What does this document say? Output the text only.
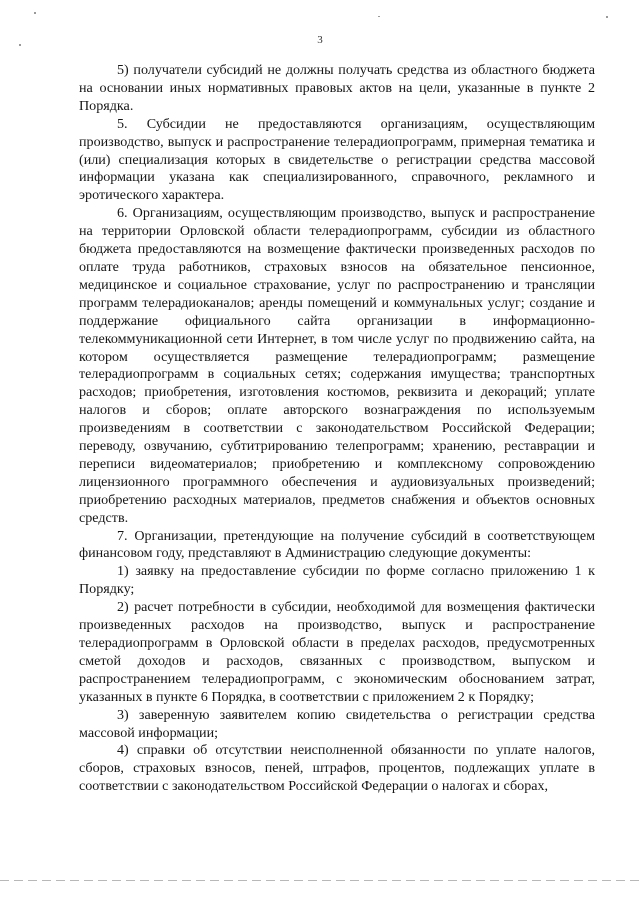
3

5) получатели субсидий не должны получать средства из областного бюджета на основании иных нормативных правовых актов на цели, указанные в пункте 2 Порядка.

5. Субсидии не предоставляются организациям, осуществляющим производство, выпуск и распространение телерадиопрограмм, примерная тематика и (или) специализация которых в свидетельстве о регистрации средства массовой информации указана как специализированного, справочного, рекламного и эротического характера.

6. Организациям, осуществляющим производство, выпуск и распространение на территории Орловской области телерадиопрограмм, субсидии из областного бюджета предоставляются на возмещение фактически произведенных расходов по оплате труда работников, страховых взносов на обязательное пенсионное, медицинское и социальное страхование, услуг по распространению и трансляции программ телерадиоканалов; аренды помещений и коммунальных услуг; создание и поддержание официального сайта организации в информационно-телекоммуникационной сети Интернет, в том числе услуг по продвижению сайта, на котором осуществляется размещение телерадиопрограмм; размещение телерадиопрограмм в социальных сетях; содержания имущества; транспортных расходов; приобретения, изготовления костюмов, реквизита и декораций; уплате налогов и сборов; оплате авторского вознаграждения по используемым произведениям в соответствии с законодательством Российской Федерации; переводу, озвучанию, субтитрированию телепрограмм; хранению, реставрации и перепиcи видеоматериалов; приобретению и комплексному сопровождению лицензионного программного обеспечения и аудиовизуальных произведений; приобретению расходных материалов, предметов снабжения и объектов основных средств.

7. Организации, претендующие на получение субсидий в соответствующем финансовом году, представляют в Администрацию следующие документы:

1) заявку на предоставление субсидии по форме согласно приложению 1 к Порядку;

2) расчет потребности в субсидии, необходимой для возмещения фактически произведенных расходов на производство, выпуск и распространение телерадиопрограмм в Орловской области в пределах расходов, предусмотренных сметой доходов и расходов, связанных с производством, выпуском и распространением телерадиопрограмм, с экономическим обоснованием затрат, указанных в пункте 6 Порядка, в соответствии с приложением 2 к Порядку;

3) заверенную заявителем копию свидетельства о регистрации средства массовой информации;

4) справки об отсутствии неисполненной обязанности по уплате налогов, сборов, страховых взносов, пеней, штрафов, процентов, подлежащих уплате в соответствии с законодательством Российской Федерации о налогах и сборах,
